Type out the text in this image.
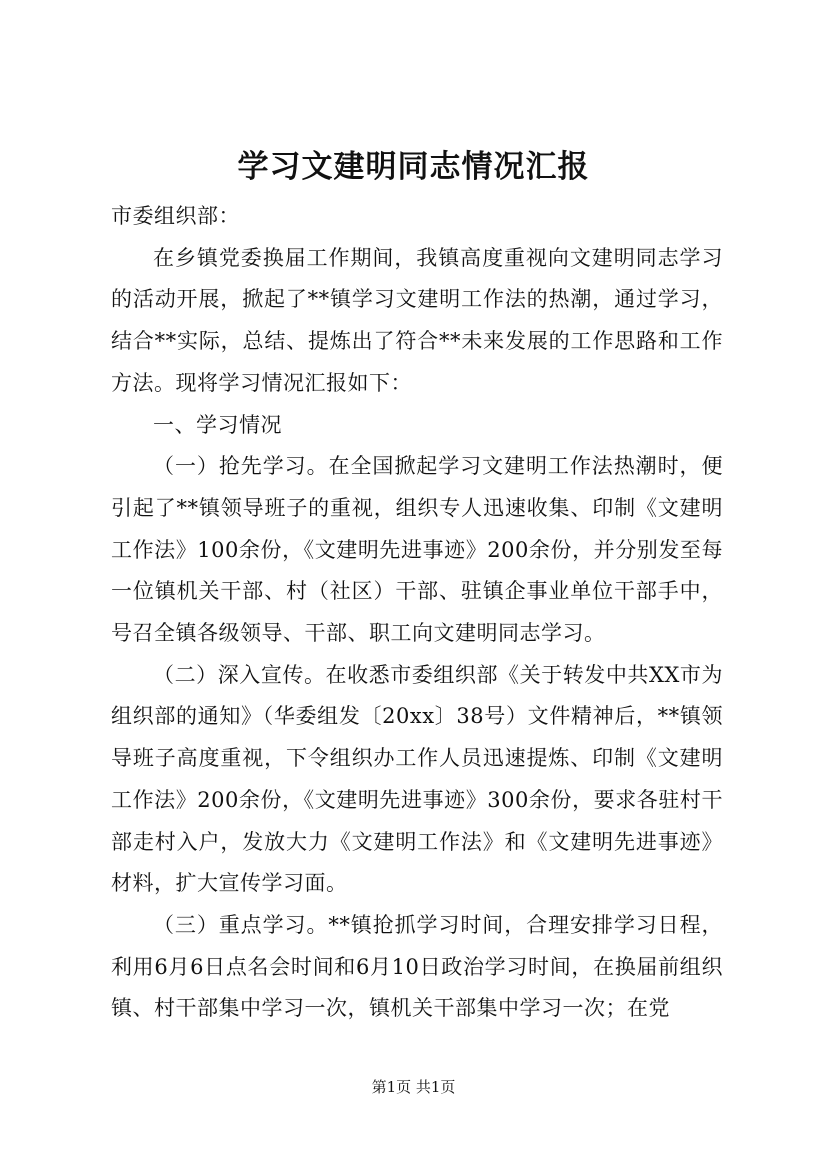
学习文建明同志情况汇报

市委组织部：

在乡镇党委换届工作期间，我镇高度重视向文建明同志学习的活动开展，掀起了**镇学习文建明工作法的热潮，通过学习，结合**实际，总结、提炼出了符合**未来发展的工作思路和工作方法。现将学习情况汇报如下：

一、学习情况

（一）抢先学习。在全国掀起学习文建明工作法热潮时，便引起了**镇领导班子的重视，组织专人迅速收集、印制《文建明工作法》100余份，《文建明先进事迹》200余份，并分别发至每一位镇机关干部、村（社区）干部、驻镇企事业单位干部手中，号召全镇各级领导、干部、职工向文建明同志学习。

（二）深入宣传。在收悉市委组织部《关于转发中共XX市为组织部的通知》（华委组发〔20xx〕38号）文件精神后，**镇领导班子高度重视，下令组织办工作人员迅速提炼、印制《文建明工作法》200余份，《文建明先进事迹》300余份，要求各驻村干部走村入户，发放大力《文建明工作法》和《文建明先进事迹》材料，扩大宣传学习面。

（三）重点学习。**镇抢抓学习时间，合理安排学习日程，利用6月6日点名会时间和6月10日政治学习时间，在换届前组织镇、村干部集中学习一次，镇机关干部集中学习一次；在党

第1页 共1页
